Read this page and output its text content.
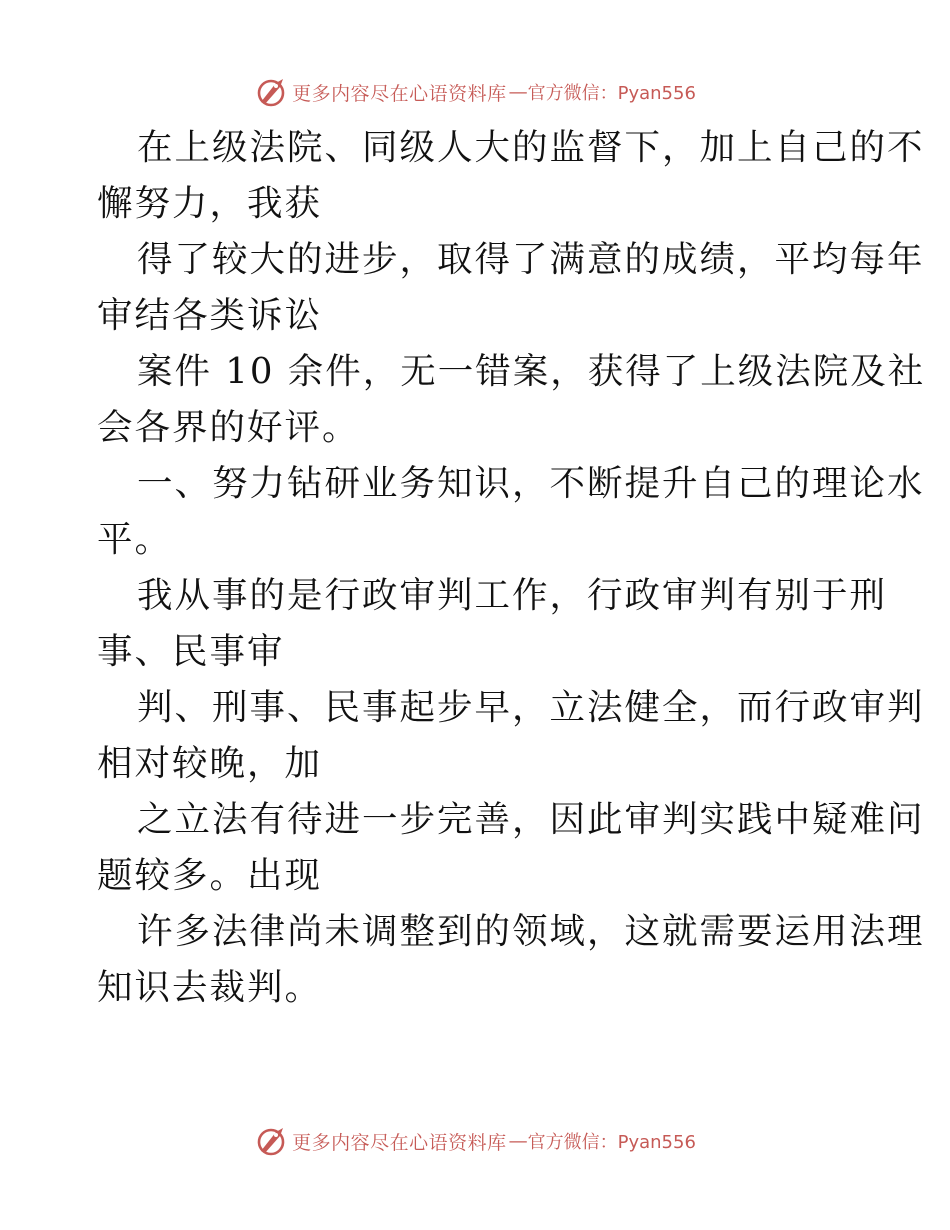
更多内容尽在心语资料库 — 官方微信：Pyan556
在上级法院、同级人大的监督下，加上自己的不
懈努力，我获
得了较大的进步，取得了满意的成绩，平均每年
审结各类诉讼
案件 10 余件，无一错案，获得了上级法院及社
会各界的好评。
一、努力钻研业务知识，不断提升自己的理论水
平。
我从事的是行政审判工作，行政审判有别于刑
事、民事审
判、刑事、民事起步早，立法健全，而行政审判
相对较晚，加
之立法有待进一步完善，因此审判实践中疑难问
题较多。出现
许多法律尚未调整到的领域，这就需要运用法理
知识去裁判。
更多内容尽在心语资料库 — 官方微信：Pyan556
